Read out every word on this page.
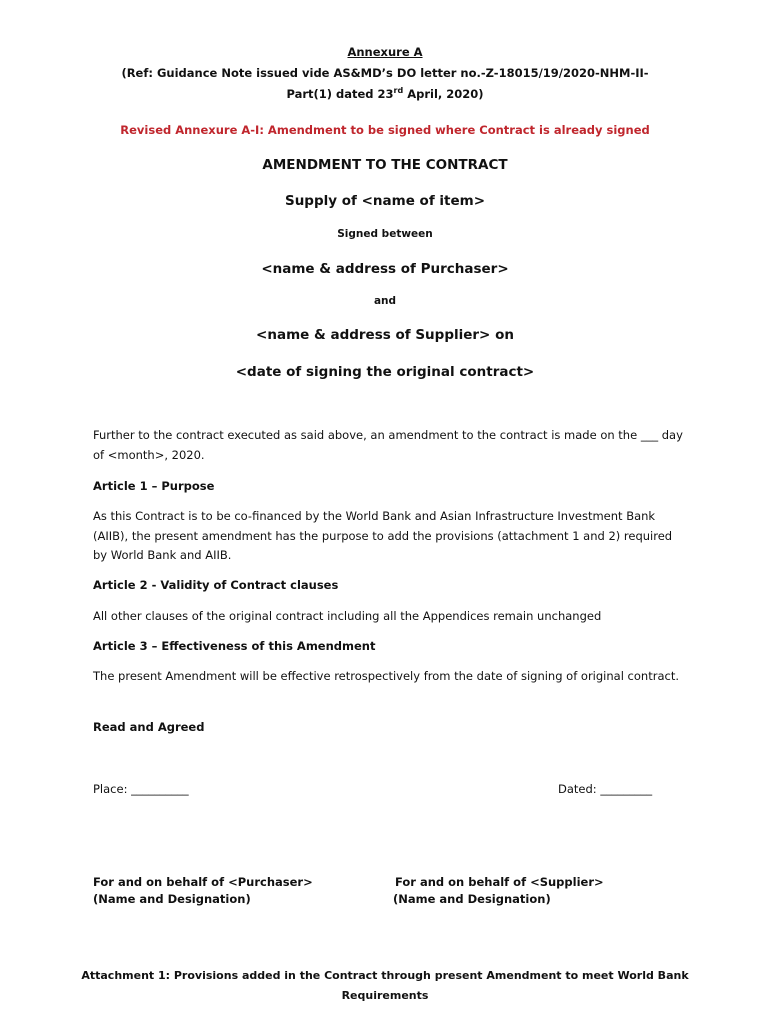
Annexure A
(Ref: Guidance Note issued vide AS&MD’s DO letter no.-Z-18015/19/2020-NHM-II-
Part(1) dated 23rd April, 2020)
Revised Annexure A-I: Amendment to be signed where Contract is already signed
AMENDMENT TO THE CONTRACT
Supply of <name of item>
Signed between
<name & address of Purchaser>
and
<name & address of Supplier> on
<date of signing the original contract>
Further to the contract executed as said above, an amendment to the contract is made on the ___ day of <month>, 2020.
Article 1 – Purpose
As this Contract is to be co-financed by the World Bank and Asian Infrastructure Investment Bank (AIIB), the present amendment has the purpose to add the provisions (attachment 1 and 2) required by World Bank and AIIB.
Article 2 - Validity of Contract clauses
All other clauses of the original contract including all the Appendices remain unchanged
Article 3 – Effectiveness of this Amendment
The present Amendment will be effective retrospectively from the date of signing of original contract.
Read and Agreed
Place: __________	Dated: _________
For and on behalf of <Purchaser>
(Name and Designation)
For and on behalf of <Supplier>
(Name and Designation)
Attachment 1: Provisions added in the Contract through present Amendment to meet World Bank
Requirements
